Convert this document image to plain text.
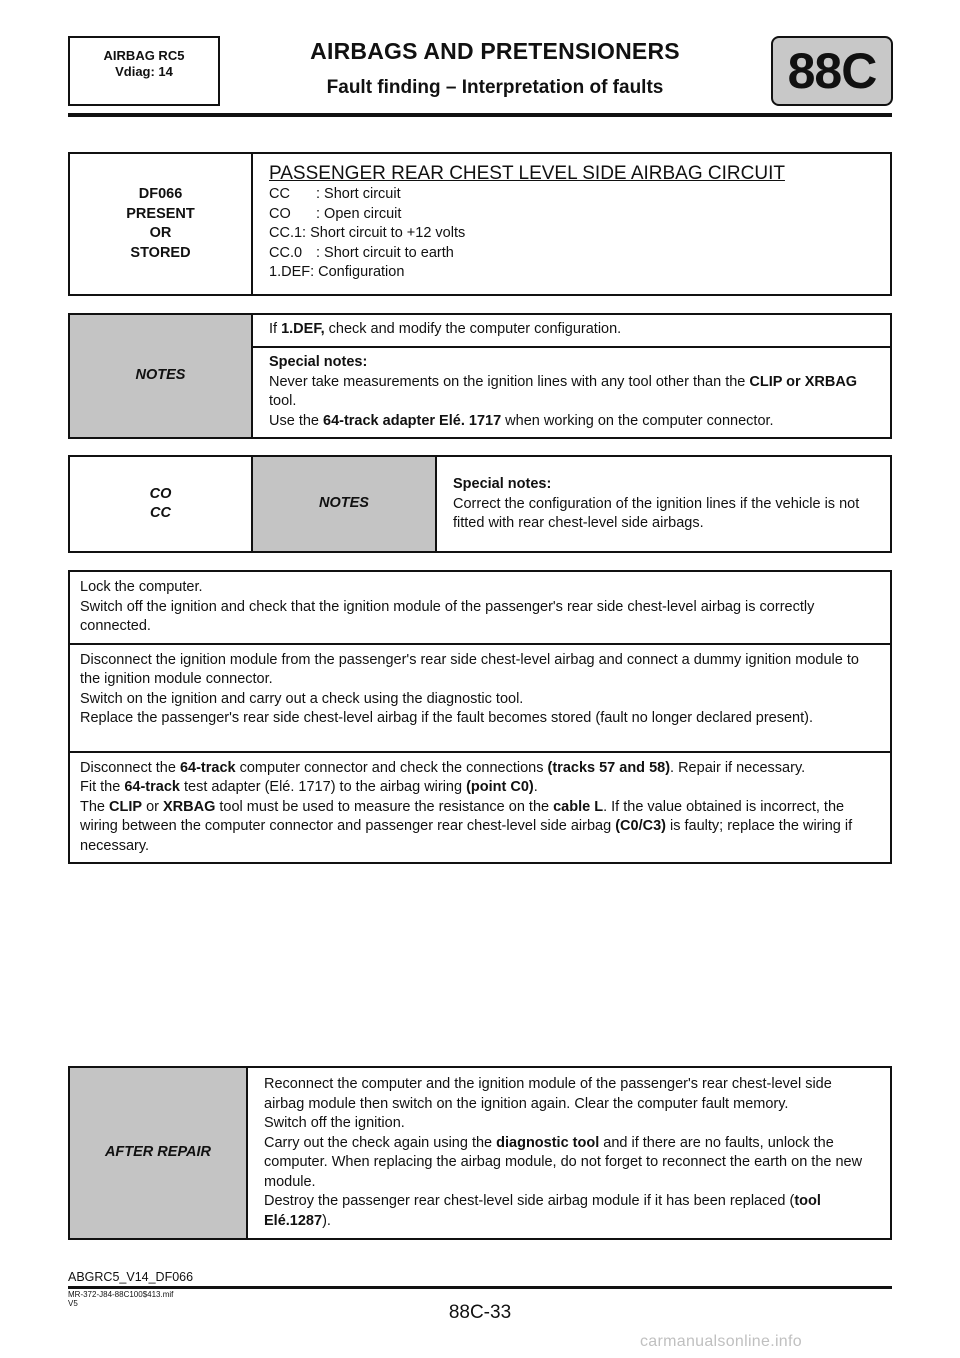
AIRBAG RC5
Vdiag: 14
AIRBAGS AND PRETENSIONERS
Fault finding – Interpretation of faults	88C
DF066
PRESENT
OR
STORED

PASSENGER REAR CHEST LEVEL SIDE AIRBAG CIRCUIT
CC	: Short circuit
CO	: Open circuit
CC.1 : Short circuit to +12 volts
CC.0 : Short circuit to earth
1.DEF : Configuration
NOTES	If 1.DEF, check and modify the computer configuration.

Special notes:
Never take measurements on the ignition lines with any tool other than the CLIP or XRBAG tool.
Use the 64-track adapter Elé. 1717 when working on the computer connector.
CO
CC
	NOTES	
Special notes:
Correct the configuration of the ignition lines if the vehicle is not fitted with rear chest-level side airbags.
Lock the computer.
Switch off the ignition and check that the ignition module of the passenger's rear side chest-level airbag is correctly connected.

Disconnect the ignition module from the passenger's rear side chest-level airbag and connect a dummy ignition module to the ignition module connector.
Switch on the ignition and carry out a check using the diagnostic tool.
Replace the passenger's rear side chest-level airbag if the fault becomes stored (fault no longer declared present).

Disconnect the 64-track computer connector and check the connections (tracks 57 and 58). Repair if necessary.
Fit the 64-track test adapter (Elé. 1717) to the airbag wiring (point C0).
The CLIP or XRBAG tool must be used to measure the resistance on the cable L. If the value obtained is incorrect, the wiring between the computer connector and passenger rear chest-level side airbag (C0/C3) is faulty; replace the wiring if necessary.
AFTER REPAIR	
Reconnect the computer and the ignition module of the passenger's rear chest-level side airbag module then switch on the ignition again. Clear the computer fault memory.
Switch off the ignition.
Carry out the check again using the diagnostic tool and if there are no faults, unlock the computer. When replacing the airbag module, do not forget to reconnect the earth on the new module.
Destroy the passenger rear chest-level side airbag module if it has been replaced (tool Elé.1287).
ABGRC5_V14_DF066
MR-372-J84-88C100$413.mif
V5	88C-33
carmanualsonline.info
